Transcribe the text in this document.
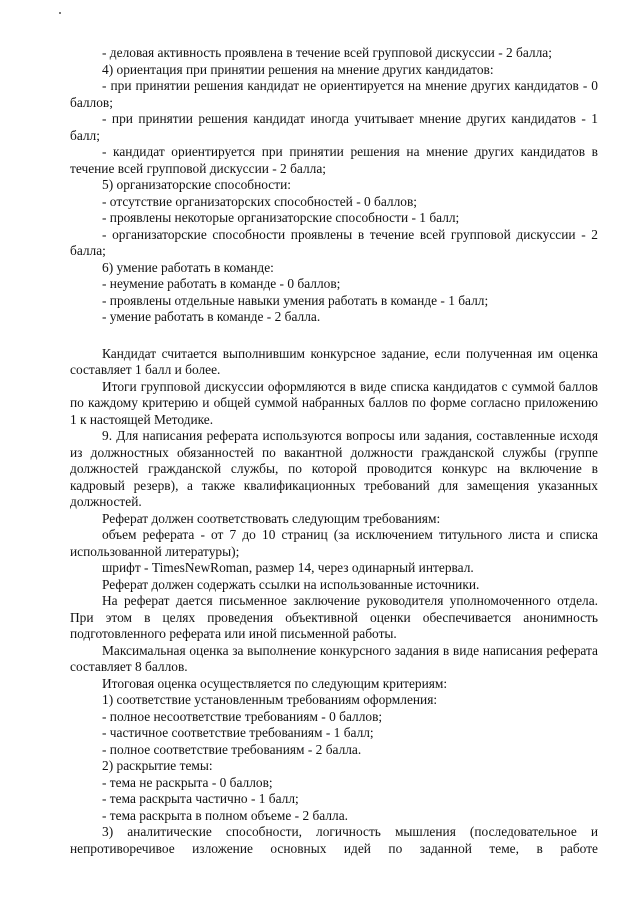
- деловая активность проявлена в течение всей групповой дискуссии - 2 балла;

4) ориентация при принятии решения на мнение других кандидатов:

- при принятии решения кандидат не ориентируется на мнение других кандидатов - 0 баллов;

- при принятии решения кандидат иногда учитывает мнение других кандидатов - 1 балл;

- кандидат ориентируется при принятии решения на мнение других кандидатов в течение всей групповой дискуссии - 2 балла;

5) организаторские способности:

- отсутствие организаторских способностей - 0 баллов;

- проявлены некоторые организаторские способности - 1 балл;

- организаторские способности проявлены в течение всей групповой дискуссии - 2 балла;

6) умение работать в команде:

- неумение работать в команде - 0 баллов;

- проявлены отдельные навыки умения работать в команде - 1 балл;

- умение работать в команде - 2 балла.

Кандидат считается выполнившим конкурсное задание, если полученная им оценка составляет 1 балл и более.

Итоги групповой дискуссии оформляются в виде списка кандидатов с суммой баллов по каждому критерию и общей суммой набранных баллов по форме согласно приложению 1 к настоящей Методике.

9. Для написания реферата используются вопросы или задания, составленные исходя из должностных обязанностей по вакантной должности гражданской службы (группе должностей гражданской службы, по которой проводится конкурс на включение в кадровый резерв), а также квалификационных требований для замещения указанных должностей.

Реферат должен соответствовать следующим требованиям:

объем реферата - от 7 до 10 страниц (за исключением титульного листа и списка использованной литературы);

шрифт - TimesNewRoman, размер 14, через одинарный интервал.

Реферат должен содержать ссылки на использованные источники.

На реферат дается письменное заключение руководителя уполномоченного отдела. При этом в целях проведения объективной оценки обеспечивается анонимность подготовленного реферата или иной письменной работы.

Максимальная оценка за выполнение конкурсного задания в виде написания реферата составляет 8 баллов.

Итоговая оценка осуществляется по следующим критериям:

1) соответствие установленным требованиям оформления:

- полное несоответствие требованиям - 0 баллов;

- частичное соответствие требованиям - 1 балл;

- полное соответствие требованиям - 2 балла.

2) раскрытие темы:

- тема не раскрыта - 0 баллов;

- тема раскрыта частично - 1 балл;

- тема раскрыта в полном объеме - 2 балла.

3) аналитические способности, логичность мышления (последовательное и непротиворечивое изложение основных идей по заданной теме, в работе
